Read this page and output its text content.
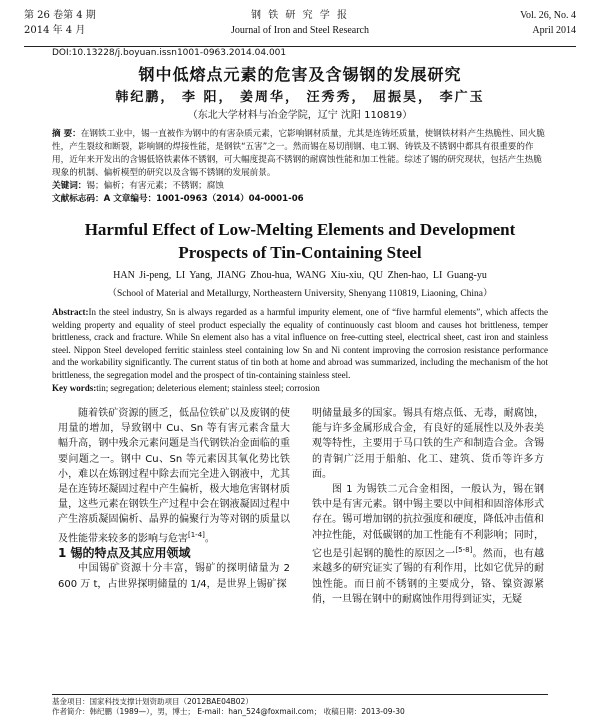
第 26 卷第 4 期
2014 年 4 月
钢 铁 研 究 学 报
Journal of Iron and Steel Research
Vol. 26, No. 4
April 2014
DOI:10.13228/j.boyuan.issn1001-0963.2014.04.001
钢中低熔点元素的危害及含锡钢的发展研究
韩纪鹏， 李 阳， 姜周华， 汪秀秀， 屈振昊， 李广玉
（东北大学材料与冶金学院，辽宁 沈阳 110819）
摘 要：在钢铁工业中，锡一直被作为钢中的有害杂质元素，它影响钢材质量，尤其是连铸坯质量，使钢铁材料产生热脆性、回火脆性，产生裂纹和断裂，影响钢的焊接性能，是钢铁“五害”之一。然而锡在易切削钢、电工钢、铸铁及不锈钢中都具有很重要的作用，近年来开发出的含锡低铬铁素体不锈钢，可大幅度提高不锈钢的耐腐蚀性能和加工性能。综述了锡的研究现状，包括产生热脆现象的机制、偏析模型的研究以及含锡不锈钢的发展前景。
关键词：锡；偏析；有害元素；不锈钢；腐蚀
文献标志码：A 文章编号：1001-0963（2014）04-0001-06
Harmful Effect of Low-Melting Elements and Development
Prospects of Tin-Containing Steel
HAN Ji-peng, LI Yang, JIANG Zhou-hua, WANG Xiu-xiu, QU Zhen-hao, LI Guang-yu
（School of Material and Metallurgy, Northeastern University, Shenyang 110819, Liaoning, China）
Abstract:In the steel industry, Sn is always regarded as a harmful impurity element, one of “five harmful elements”, which affects the welding property and equality of steel product especially the equality of continuously cast bloom and causes hot brittleness, temper brittleness, crack and fracture. While Sn element also has a vital influence on free-cutting steel, electrical sheet, cast iron and stainless steel. Nippon Steel developed ferritic stainless steel containing low Sn and Ni content improving the corrosion resistance performance and the workability significantly. The current status of tin both at home and abroad was summarized, including the mechanism of the hot brittleness, the segregation model and the prospect of tin-containing stainless steel.
Key words:tin; segregation; deleterious element; stainless steel; corrosion

随着铁矿资源的匮乏，低品位铁矿以及废钢的使用量的增加，导致钢中 Cu、Sn 等有害元素含量大幅升高，钢中残余元素问题是当代钢铁冶金面临的重要问题之一。钢中 Cu、Sn 等元素因其氧化势比铁小，难以在炼钢过程中除去而完全进入钢液中，尤其是在连铸坯凝固过程中产生偏析，极大地危害钢材质量，这些元素在钢铁生产过程中会在钢液凝固过程中产生溶质凝固偏析、晶界的偏聚行为等对钢的质量以及性能带来较多的影响与危害[1-4]。

1 锡的特点及其应用领域

中国锡矿资源十分丰富，锡矿的探明储量为 2 600 万 t，占世界探明储量的 1/4，是世界上锡矿探

明储量最多的国家。锡具有熔点低、无毒，耐腐蚀，能与许多金属形成合金，有良好的延展性以及外表美观等特性，主要用于马口铁的生产和制造合金。含锡的青铜广泛用于船舶、化工、建筑、货币等许多方面。

图 1 为锡铁二元合金相图，一般认为，锡在钢铁中是有害元素。钢中锡主要以中间相和固溶体形式存在。锡可增加钢的抗拉强度和硬度，降低冲击值和冲拉性能，对低碳钢的加工性能有不利影响；同时，它也是引起钢的脆性的原因之一[5-8]。然而，也有越来越多的研究证实了锡的有利作用，比如它优异的耐蚀性能。而日前不锈钢的主要成分，铬、镍资源紧俏，一旦锡在钢中的耐腐蚀作用得到证实，无疑

基金项目：国家科技支撑计划资助项目（2012BAE04B02）
作者简介：韩纪鹏（1989—），男，博士； E-mail：han_524@foxmail.com； 收稿日期：2013-09-30
